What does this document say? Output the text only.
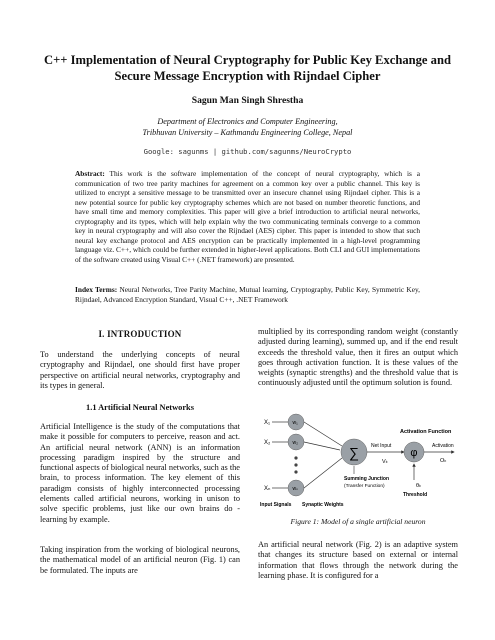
C++ Implementation of Neural Cryptography for Public Key Exchange and Secure Message Encryption with Rijndael Cipher
Sagun Man Singh Shrestha
Department of Electronics and Computer Engineering,
Tribhuvan University – Kathmandu Engineering College, Nepal
Google: sagunms | github.com/sagunms/NeuroCrypto
Abstract: This work is the software implementation of the concept of neural cryptography, which is a communication of two tree parity machines for agreement on a common key over a public channel. This key is utilized to encrypt a sensitive message to be transmitted over an insecure channel using Rijndael cipher. This is a new potential source for public key cryptography schemes which are not based on number theoretic functions, and have small time and memory complexities. This paper will give a brief introduction to artificial neural networks, cryptography and its types, which will help explain why the two communicating terminals converge to a common key in neural cryptography and will also cover the Rijndael (AES) cipher. This paper is intended to show that such neural key exchange protocol and AES encryption can be practically implemented in a high-level programming language viz. C++, which could be further extended in higher-level applications. Both CLI and GUI implementations of the software created using Visual C++ (.NET framework) are presented.
Index Terms: Neural Networks, Tree Parity Machine, Mutual learning, Cryptography, Public Key, Symmetric Key, Rijndael, Advanced Encryption Standard, Visual C++, .NET Framework
I. INTRODUCTION

To understand the underlying concepts of neural cryptography and Rijndael, one should first have proper perspective on artificial neural networks, cryptography and its types in general.

1.1 Artificial Neural Networks

Artificial Intelligence is the study of the computations that make it possible for computers to perceive, reason and act. An artificial neural network (ANN) is an information processing paradigm inspired by the structure and functional aspects of biological neural networks, such as the brain, to process information. The key element of this paradigm consists of highly interconnected processing elements called artificial neurons, working in unison to solve specific problems, just like our own brains do - learning by example.

Taking inspiration from the working of biological neurons, the mathematical model of an artificial neuron (Fig. 1) can be formulated. The inputs are

multiplied by its corresponding random weight (constantly adjusted during learning), summed up, and if the end result exceeds the threshold value, then it fires an output which goes through activation function. It is these values of the weights (synaptic strengths) and the threshold value that is continuously adjusted until the optimum solution is found.

X₁
X₂
Xₙ
w₁
w₂
wₙ
∑ Net Input
Vₖ
φ
Activation Function
Activation
Oₖ
θₖ
Threshold
Summing Junction
(Transfer Function)
Input Signals Synaptic Weights
Figure 1: Model of a single artificial neuron

An artificial neural network (Fig. 2) is an adaptive system that changes its structure based on external or internal information that flows through the network during the learning phase. It is configured for a
